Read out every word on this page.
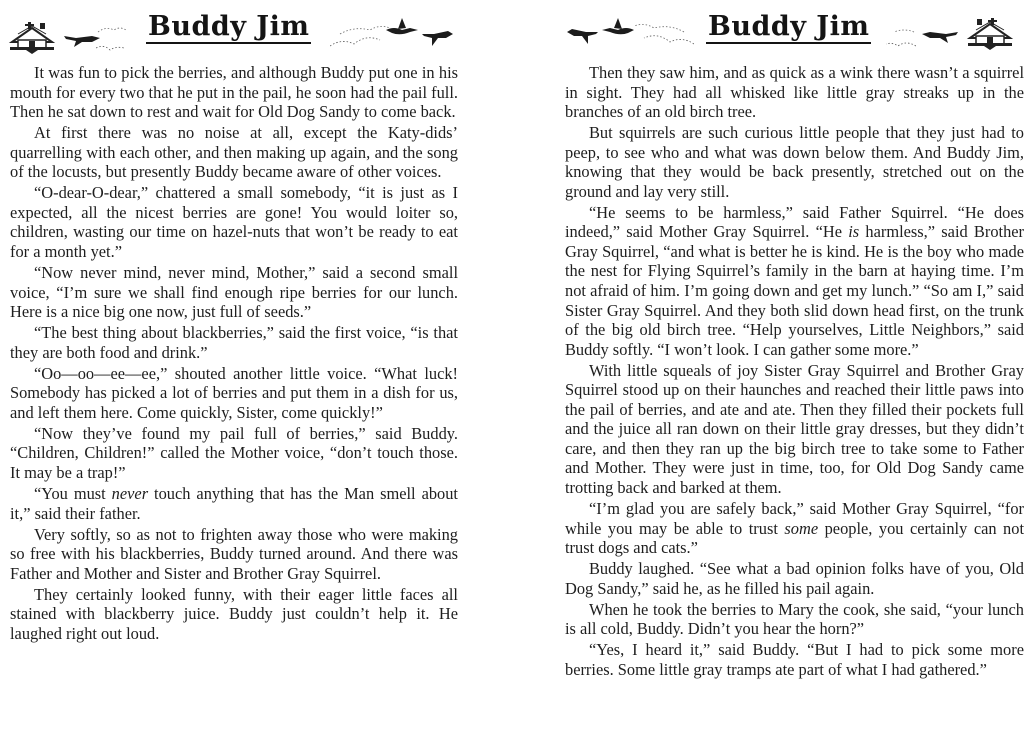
Buddy Jim

It was fun to pick the berries, and although Buddy put one in his mouth for every two that he put in the pail, he soon had the pail full. Then he sat down to rest and wait for Old Dog Sandy to come back.

At first there was no noise at all, except the Katy-dids’ quarrelling with each other, and then making up again, and the song of the locusts, but presently Buddy became aware of other voices.

“O-dear-O-dear,” chattered a small somebody, “it is just as I expected, all the nicest berries are gone! You would loiter so, children, wasting our time on hazel-nuts that won’t be ready to eat for a month yet.”

“Now never mind, never mind, Mother,” said a second small voice, “I’m sure we shall find enough ripe berries for our lunch. Here is a nice big one now, just full of seeds.”

“The best thing about blackberries,” said the first voice, “is that they are both food and drink.”

“Oo—oo—ee—ee,” shouted another little voice. “What luck! Somebody has picked a lot of berries and put them in a dish for us, and left them here. Come quickly, Sister, come quickly!”

“Now they’ve found my pail full of berries,” said Buddy. “Children, Children!” called the Mother voice, “don’t touch those. It may be a trap!”

“You must never touch anything that has the Man smell about it,” said their father.

Very softly, so as not to frighten away those who were making so free with his blackberries, Buddy turned around. And there was Father and Mother and Sister and Brother Gray Squirrel.

They certainly looked funny, with their eager little faces all stained with blackberry juice. Buddy just couldn’t help it. He laughed right out loud.

Buddy Jim

Then they saw him, and as quick as a wink there wasn’t a squirrel in sight. They had all whisked like little gray streaks up in the branches of an old birch tree.

But squirrels are such curious little people that they just had to peep, to see who and what was down below them. And Buddy Jim, knowing that they would be back presently, stretched out on the ground and lay very still.

“He seems to be harmless,” said Father Squirrel. “He does indeed,” said Mother Gray Squirrel. “He is harmless,” said Brother Gray Squirrel, “and what is better he is kind. He is the boy who made the nest for Flying Squirrel’s family in the barn at haying time. I’m not afraid of him. I’m going down and get my lunch.” “So am I,” said Sister Gray Squirrel. And they both slid down head first, on the trunk of the big old birch tree. “Help yourselves, Little Neighbors,” said Buddy softly. “I won’t look. I can gather some more.”

With little squeals of joy Sister Gray Squirrel and Brother Gray Squirrel stood up on their haunches and reached their little paws into the pail of berries, and ate and ate. Then they filled their pockets full and the juice all ran down on their little gray dresses, but they didn’t care, and then they ran up the big birch tree to take some to Father and Mother. They were just in time, too, for Old Dog Sandy came trotting back and barked at them.

“I’m glad you are safely back,” said Mother Gray Squirrel, “for while you may be able to trust some people, you certainly can not trust dogs and cats.”

Buddy laughed. “See what a bad opinion folks have of you, Old Dog Sandy,” said he, as he filled his pail again.

When he took the berries to Mary the cook, she said, “your lunch is all cold, Buddy. Didn’t you hear the horn?”

“Yes, I heard it,” said Buddy. “But I had to pick some more berries. Some little gray tramps ate part of what I had gathered.”
